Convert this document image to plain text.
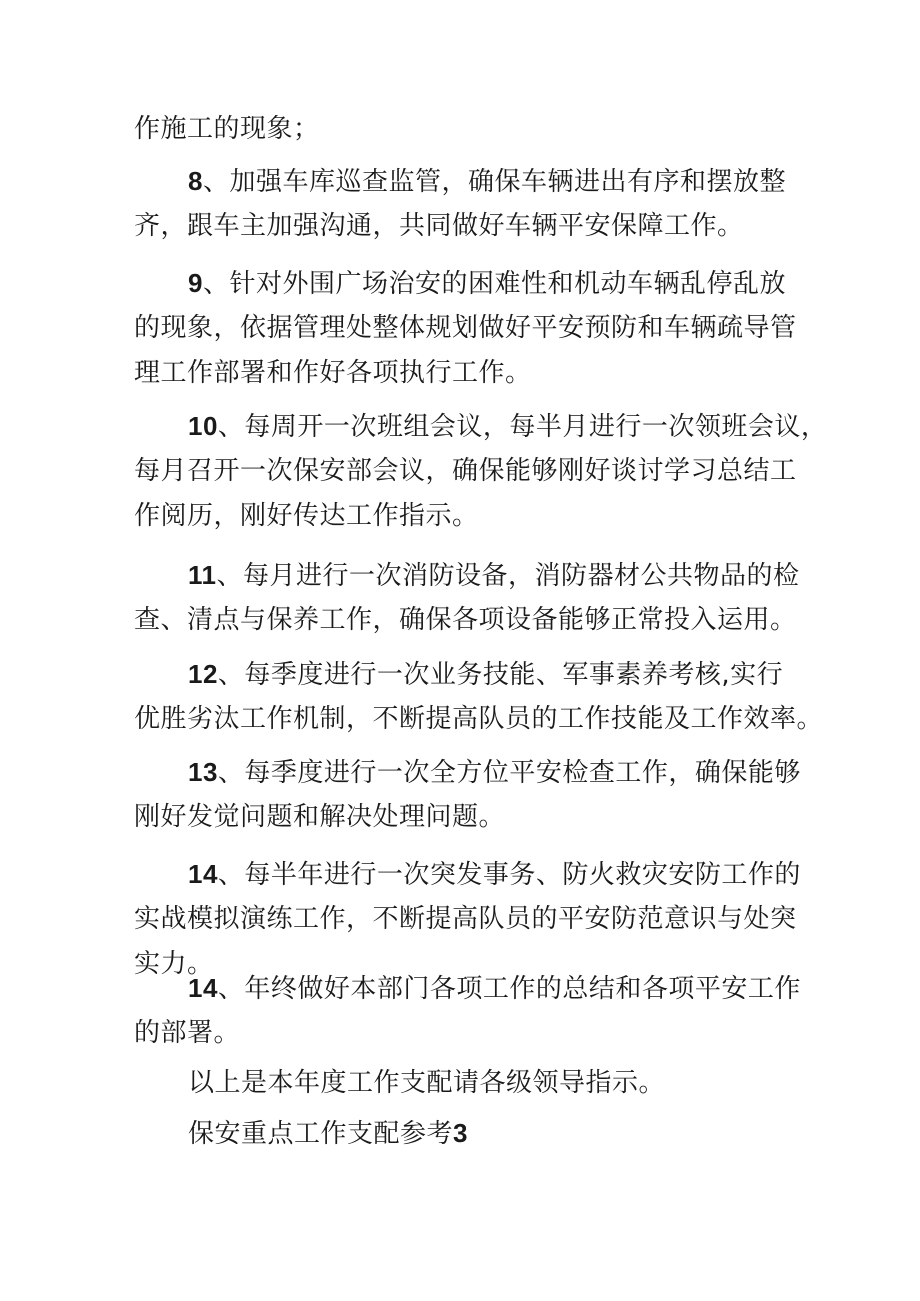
作施工的现象；

8、加强车库巡查监管，确保车辆进出有序和摆放整
齐，跟车主加强沟通，共同做好车辆平安保障工作。

9、针对外围广场治安的困难性和机动车辆乱停乱放
的现象，依据管理处整体规划做好平安预防和车辆疏导管
理工作部署和作好各项执行工作。

10、每周开一次班组会议，每半月进行一次领班会议，
每月召开一次保安部会议，确保能够刚好谈讨学习总结工
作阅历，刚好传达工作指示。

11、每月进行一次消防设备，消防器材公共物品的检
查、清点与保养工作，确保各项设备能够正常投入运用。

12、每季度进行一次业务技能、军事素养考核,实行
优胜劣汰工作机制，不断提高队员的工作技能及工作效率。

13、每季度进行一次全方位平安检查工作，确保能够
刚好发觉问题和解决处理问题。

14、每半年进行一次突发事务、防火救灾安防工作的
实战模拟演练工作，不断提高队员的平安防范意识与处突
实力。

14、年终做好本部门各项工作的总结和各项平安工作
的部署。

以上是本年度工作支配请各级领导指示。

保安重点工作支配参考3
